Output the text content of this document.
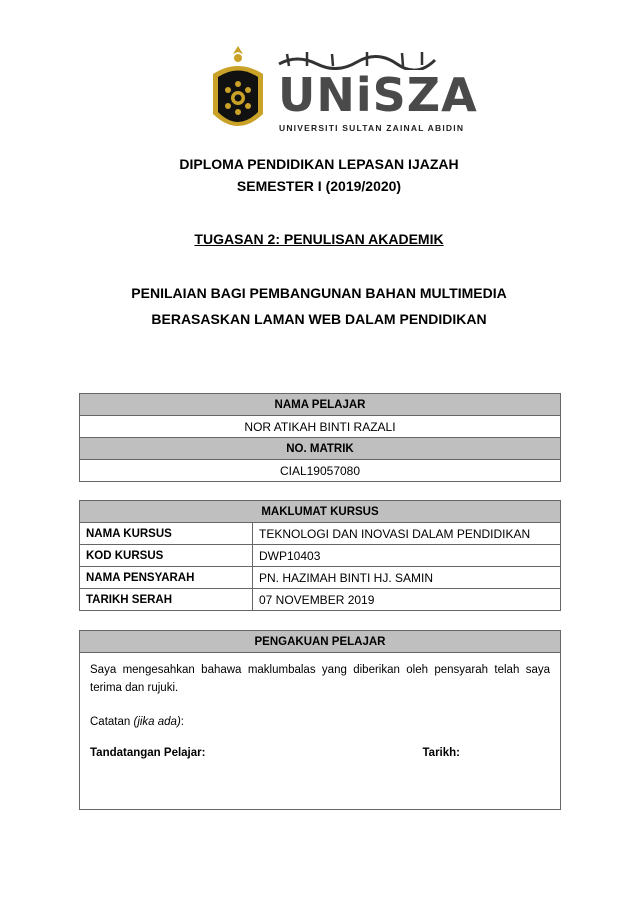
UNiSZA
UNIVERSITI SULTAN ZAINAL ABIDIN
DIPLOMA PENDIDIKAN LEPASAN IJAZAH
SEMESTER I (2019/2020)
TUGASAN 2: PENULISAN AKADEMIK
PENILAIAN BAGI PEMBANGUNAN BAHAN MULTIMEDIA
BERASASKAN LAMAN WEB DALAM PENDIDIKAN
NAMA PELAJAR
NOR ATIKAH BINTI RAZALI
NO. MATRIK
CIAL19057080
MAKLUMAT KURSUS	
NAMA KURSUS	TEKNOLOGI DAN INOVASI DALAM PENDIDIKAN
KOD KURSUS	DWP10403
NAMA PENSYARAH	PN. HAZIMAH BINTI HJ. SAMIN
TARIKH SERAH	07 NOVEMBER 2019
PENGAKUAN PELAJAR

Saya mengesahkan bahawa maklumbalas yang diberikan oleh pensyarah telah saya terima dan rujuki.

Catatan (jika ada):

Tandatangan Pelajar:	Tarikh:
